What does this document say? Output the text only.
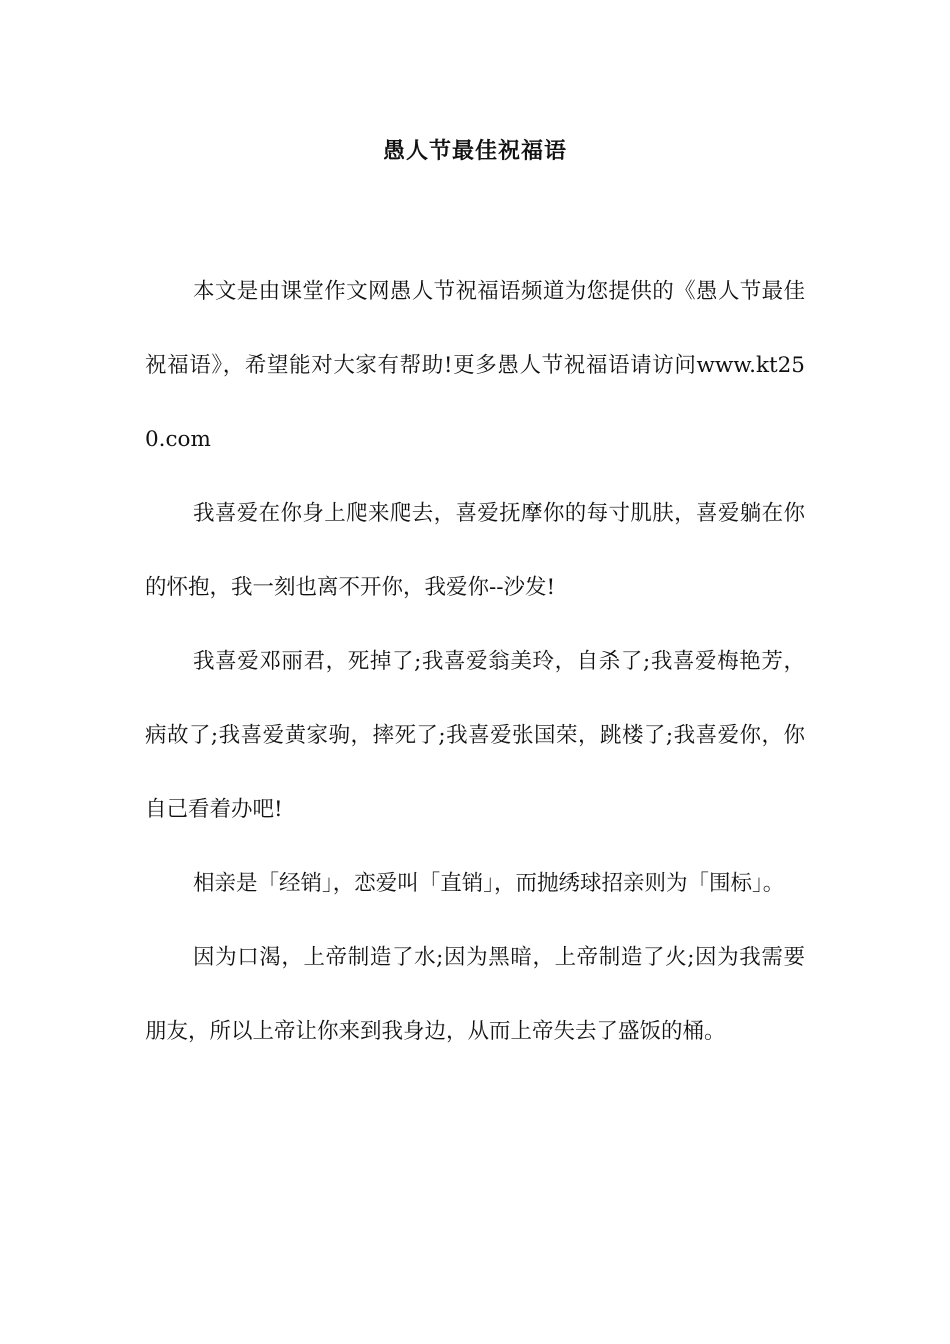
愚人节最佳祝福语

本文是由课堂作文网愚人节祝福语频道为您提供的《愚人节最佳祝福语》，希望能对大家有帮助!更多愚人节祝福语请访问www.kt250.com

我喜爱在你身上爬来爬去，喜爱抚摩你的每寸肌肤，喜爱躺在你的怀抱，我一刻也离不开你，我爱你--沙发!

我喜爱邓丽君，死掉了;我喜爱翁美玲，自杀了;我喜爱梅艳芳，病故了;我喜爱黄家驹，摔死了;我喜爱张国荣，跳楼了;我喜爱你，你自己看着办吧!

相亲是「经销」，恋爱叫「直销」，而抛绣球招亲则为「围标」。

因为口渴，上帝制造了水;因为黑暗，上帝制造了火;因为我需要朋友，所以上帝让你来到我身边，从而上帝失去了盛饭的桶。
